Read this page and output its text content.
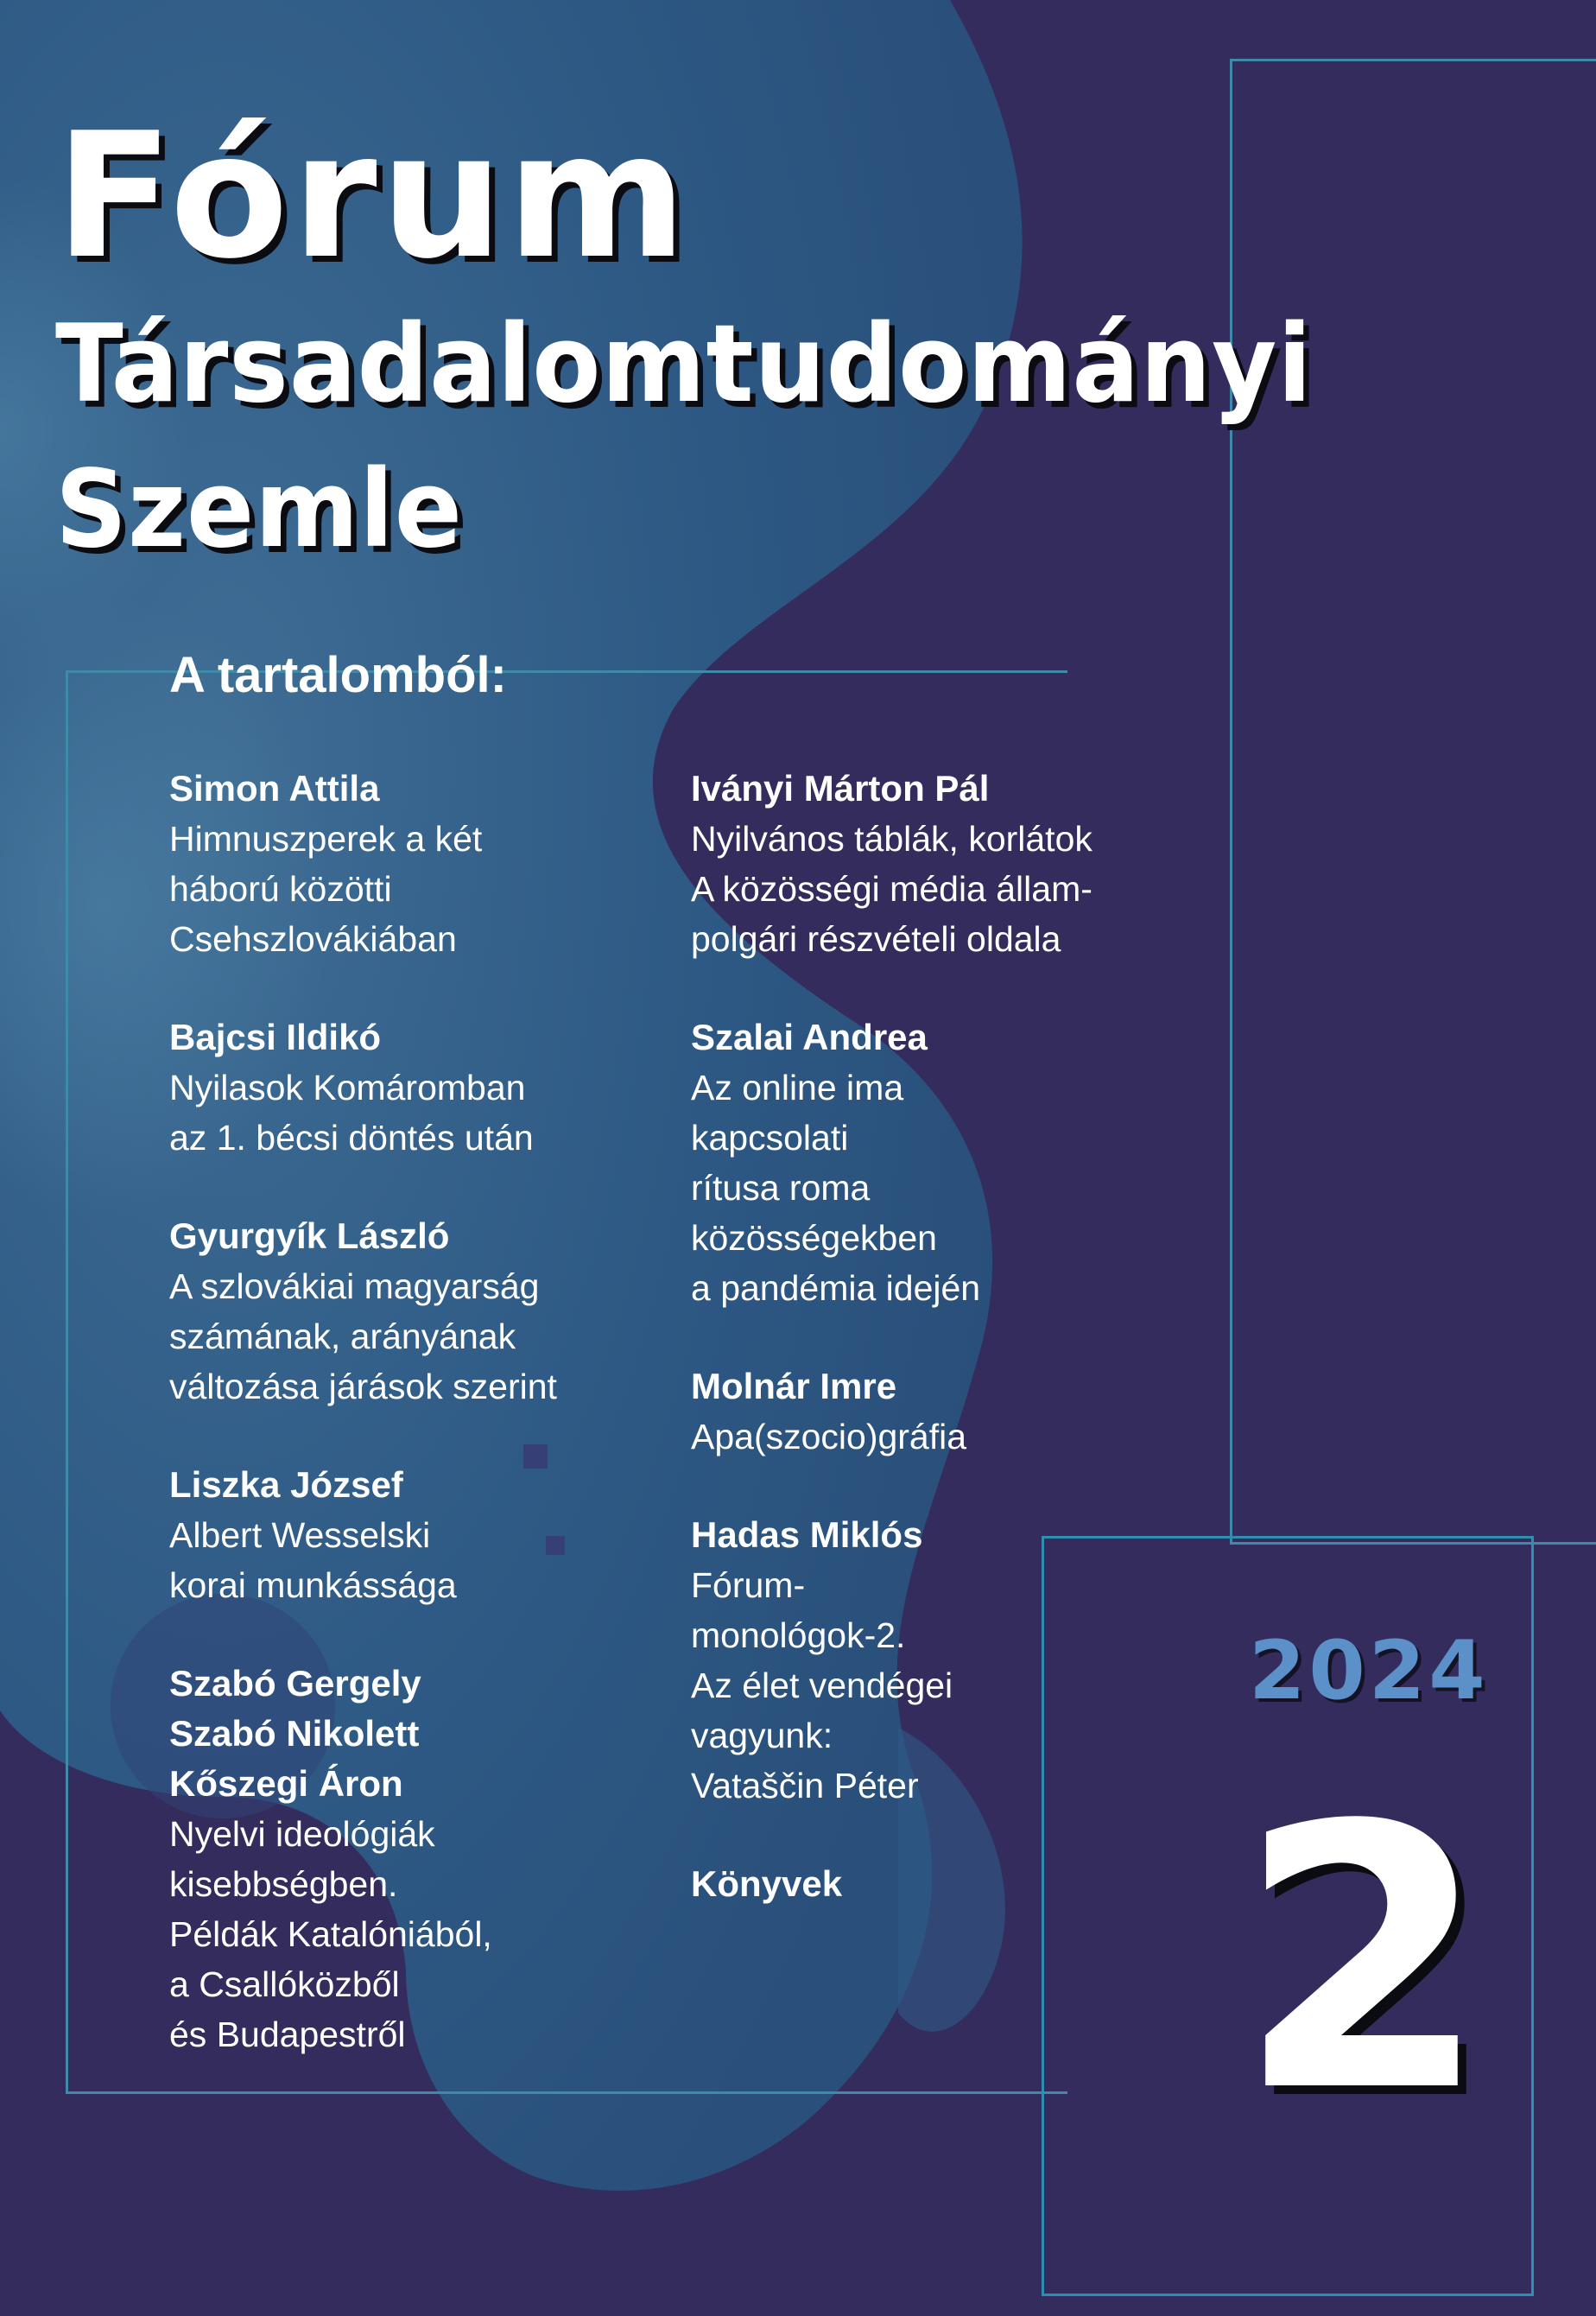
Fórum
Társadalomtudományi
Szemle
A tartalomból:
Simon Attila
Himnuszperek a két
háború közötti
Csehszlovákiában
Bajcsi Ildikó
Nyilasok Komáromban
az 1. bécsi döntés után
Gyurgyík László
A szlovákiai magyarság
számának, arányának
változása járások szerint
Liszka József
Albert Wesselski
korai munkássága
Szabó Gergely
Szabó Nikolett
Kőszegi Áron
Nyelvi ideológiák
kisebbségben.
Példák Katalóniából,
a Csallóközből
és Budapestről
Iványi Márton Pál
Nyilvános táblák, korlátok
A közösségi média állam-
polgári részvételi oldala
Szalai Andrea
Az online ima
kapcsolati
rítusa roma
közösségekben
a pandémia idején
Molnár Imre
Apa(szocio)gráfia
Hadas Miklós
Fórum-
monológok-2.
Az élet vendégei
vagyunk:
Vataščin Péter
Könyvek
2024
2
